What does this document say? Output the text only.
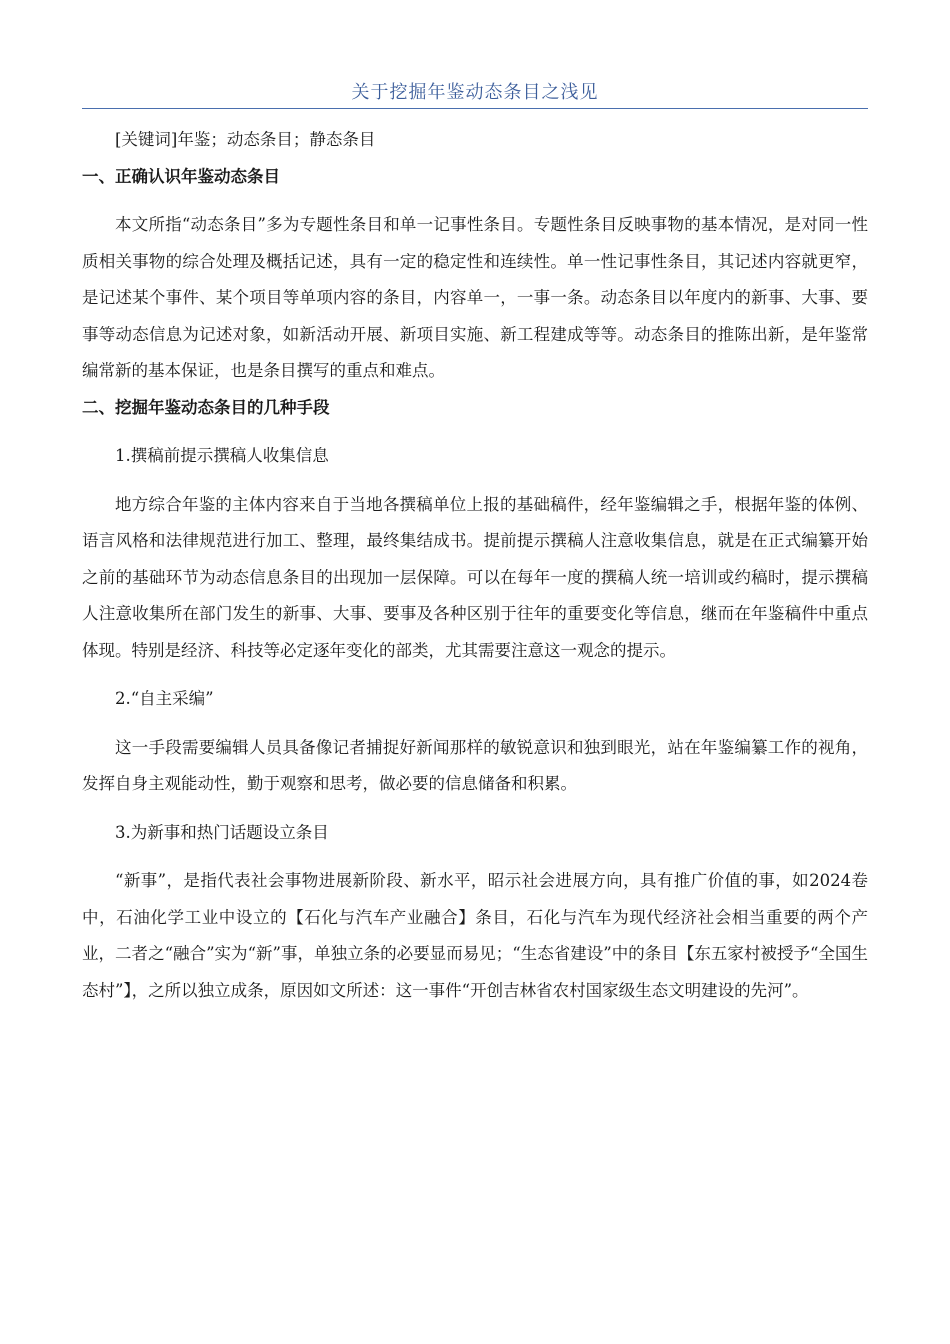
关于挖掘年鉴动态条目之浅见

[关键词]年鉴；动态条目；静态条目

一、正确认识年鉴动态条目

本文所指“动态条目”多为专题性条目和单一记事性条目。专题性条目反映事物的基本情况，是对同一性质相关事物的综合处理及概括记述，具有一定的稳定性和连续性。单一性记事性条目，其记述内容就更窄，是记述某个事件、某个项目等单项内容的条目，内容单一，一事一条。动态条目以年度内的新事、大事、要事等动态信息为记述对象，如新活动开展、新项目实施、新工程建成等等。动态条目的推陈出新，是年鉴常编常新的基本保证，也是条目撰写的重点和难点。

二、挖掘年鉴动态条目的几种手段

1.撰稿前提示撰稿人收集信息

地方综合年鉴的主体内容来自于当地各撰稿单位上报的基础稿件，经年鉴编辑之手，根据年鉴的体例、语言风格和法律规范进行加工、整理，最终集结成书。提前提示撰稿人注意收集信息，就是在正式编纂开始之前的基础环节为动态信息条目的出现加一层保障。可以在每年一度的撰稿人统一培训或约稿时，提示撰稿人注意收集所在部门发生的新事、大事、要事及各种区别于往年的重要变化等信息，继而在年鉴稿件中重点体现。特别是经济、科技等必定逐年变化的部类，尤其需要注意这一观念的提示。

2.“自主采编”

这一手段需要编辑人员具备像记者捕捉好新闻那样的敏锐意识和独到眼光，站在年鉴编纂工作的视角，发挥自身主观能动性，勤于观察和思考，做必要的信息储备和积累。

3.为新事和热门话题设立条目

“新事”，是指代表社会事物进展新阶段、新水平，昭示社会进展方向，具有推广价值的事，如2024卷中，石油化学工业中设立的【石化与汽车产业融合】条目，石化与汽车为现代经济社会相当重要的两个产业，二者之“融合”实为“新”事，单独立条的必要显而易见；“生态省建设”中的条目【东五家村被授予“全国生态村”】，之所以独立成条，原因如文所述：这一事件“开创吉林省农村国家级生态文明建设的先河”。
